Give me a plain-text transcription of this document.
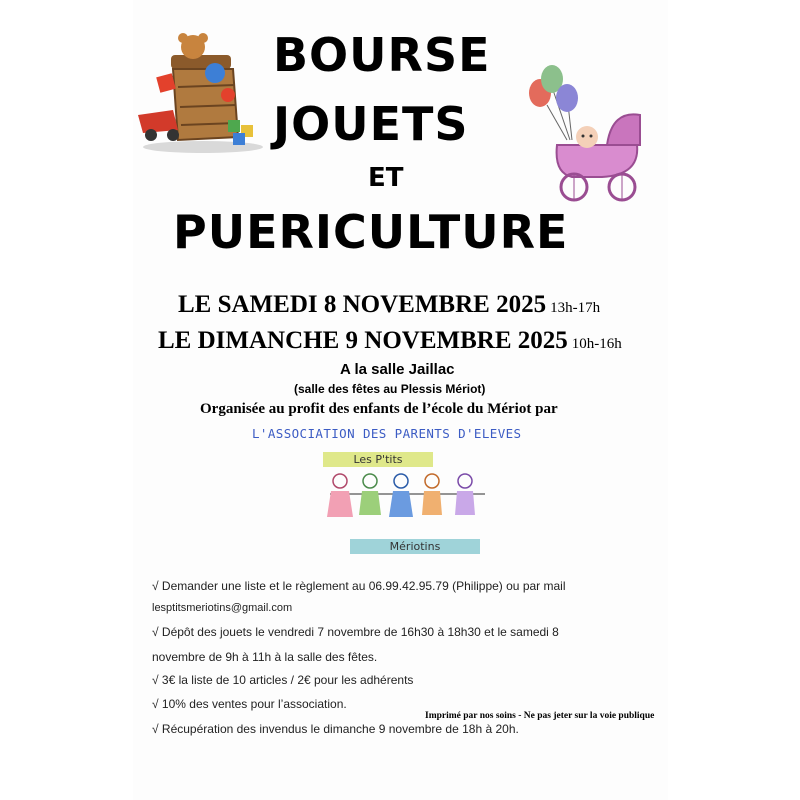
BOURSE
JOUETS
ET
PUERICULTURE
LE SAMEDI 8 NOVEMBRE 2025 13h-17h
LE DIMANCHE 9 NOVEMBRE 2025 10h-16h
A la salle Jaillac
(salle des fêtes au Plessis Mériot)
Organisée au profit des enfants de l’école du Mériot par
L'ASSOCIATION DES PARENTS D'ELEVES
Les P'tits
Mériotins
√ Demander une liste et le règlement au 06.99.42.95.79 (Philippe) ou par mail
lesptitsmeriotins@gmail.com
√ Dépôt des jouets le vendredi 7 novembre de 16h30 à 18h30 et le samedi 8
novembre de 9h à 11h à la salle des fêtes.
√ 3€ la liste de 10 articles / 2€ pour les adhérents
√ 10% des ventes pour l’association.
Imprimé par nos soins - Ne pas jeter sur la voie publique
√ Récupération des invendus le dimanche 9 novembre de 18h à 20h.
